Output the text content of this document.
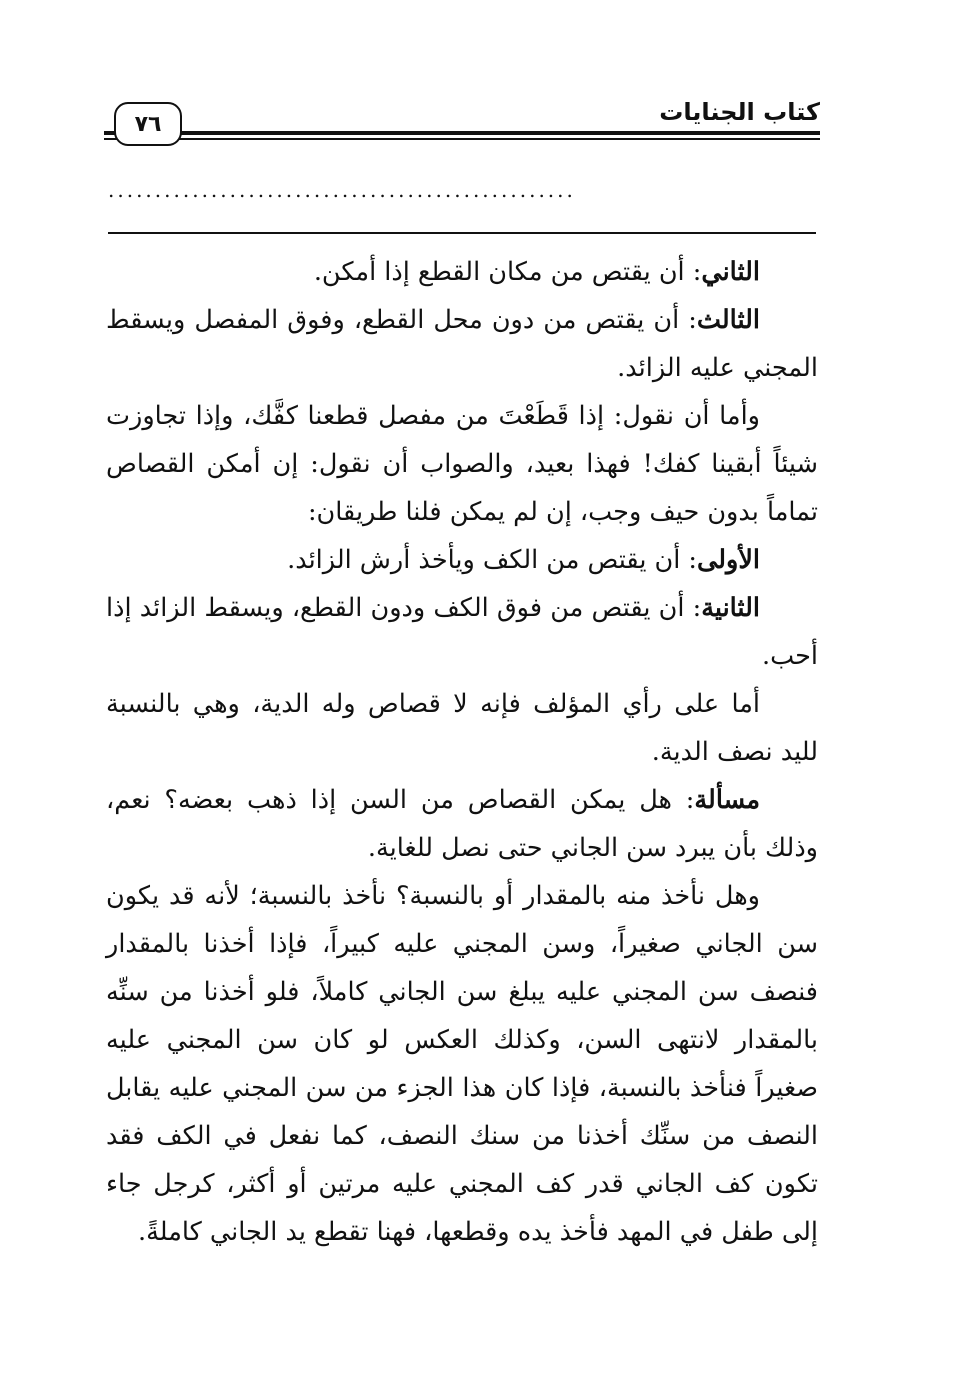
كتاب الجنايات
٧٦
..................................................

الثاني: أن يقتص من مكان القطع إذا أمكن.

الثالث: أن يقتص من دون محل القطع، وفوق المفصل ويسقط المجني عليه الزائد.

وأما أن نقول: إذا قَطَعْتَ من مفصل قطعنا كفَّك، وإذا تجاوزت شيئاً أبقينا كفك! فهذا بعيد، والصواب أن نقول: إن أمكن القصاص تماماً بدون حيف وجب، إن لم يمكن فلنا طريقان:

الأولى: أن يقتص من الكف ويأخذ أرش الزائد.

الثانية: أن يقتص من فوق الكف ودون القطع، ويسقط الزائد إذا أحب.

أما على رأي المؤلف فإنه لا قصاص وله الدية، وهي بالنسبة لليد نصف الدية.

مسألة: هل يمكن القصاص من السن إذا ذهب بعضه؟ نعم، وذلك بأن يبرد سن الجاني حتى نصل للغاية.

وهل نأخذ منه بالمقدار أو بالنسبة؟ نأخذ بالنسبة؛ لأنه قد يكون سن الجاني صغيراً، وسن المجني عليه كبيراً، فإذا أخذنا بالمقدار فنصف سن المجني عليه يبلغ سن الجاني كاملاً، فلو أخذنا من سنِّه بالمقدار لانتهى السن، وكذلك العكس لو كان سن المجني عليه صغيراً فنأخذ بالنسبة، فإذا كان هذا الجزء من سن المجني عليه يقابل النصف من سنِّك أخذنا من سنك النصف، كما نفعل في الكف فقد تكون كف الجاني قدر كف المجني عليه مرتين أو أكثر، كرجل جاء إلى طفل في المهد فأخذ يده وقطعها، فهنا تقطع يد الجاني كاملةً.
